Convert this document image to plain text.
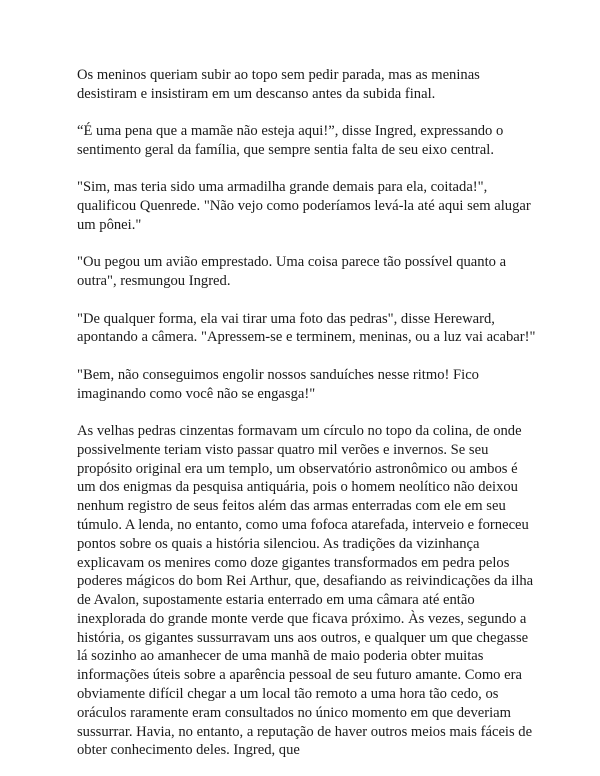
Os meninos queriam subir ao topo sem pedir parada, mas as meninas desistiram e insistiram em um descanso antes da subida final.

“É uma pena que a mamãe não esteja aqui!”, disse Ingred, expressando o sentimento geral da família, que sempre sentia falta de seu eixo central.

"Sim, mas teria sido uma armadilha grande demais para ela, coitada!", qualificou Quenrede. "Não vejo como poderíamos levá-la até aqui sem alugar um pônei."

"Ou pegou um avião emprestado. Uma coisa parece tão possível quanto a outra", resmungou Ingred.

"De qualquer forma, ela vai tirar uma foto das pedras", disse Hereward, apontando a câmera. "Apressem-se e terminem, meninas, ou a luz vai acabar!"

"Bem, não conseguimos engolir nossos sanduíches nesse ritmo! Fico imaginando como você não se engasga!"

As velhas pedras cinzentas formavam um círculo no topo da colina, de onde possivelmente teriam visto passar quatro mil verões e invernos. Se seu propósito original era um templo, um observatório astronômico ou ambos é um dos enigmas da pesquisa antiquária, pois o homem neolítico não deixou nenhum registro de seus feitos além das armas enterradas com ele em seu túmulo. A lenda, no entanto, como uma fofoca atarefada, interveio e forneceu pontos sobre os quais a história silenciou. As tradições da vizinhança explicavam os menires como doze gigantes transformados em pedra pelos poderes mágicos do bom Rei Arthur, que, desafiando as reivindicações da ilha de Avalon, supostamente estaria enterrado em uma câmara até então inexplorada do grande monte verde que ficava próximo. Às vezes, segundo a história, os gigantes sussurravam uns aos outros, e qualquer um que chegasse lá sozinho ao amanhecer de uma manhã de maio poderia obter muitas informações úteis sobre a aparência pessoal de seu futuro amante. Como era obviamente difícil chegar a um local tão remoto a uma hora tão cedo, os oráculos raramente eram consultados no único momento em que deveriam sussurrar. Havia, no entanto, a reputação de haver outros meios mais fáceis de obter conhecimento deles. Ingred, que
